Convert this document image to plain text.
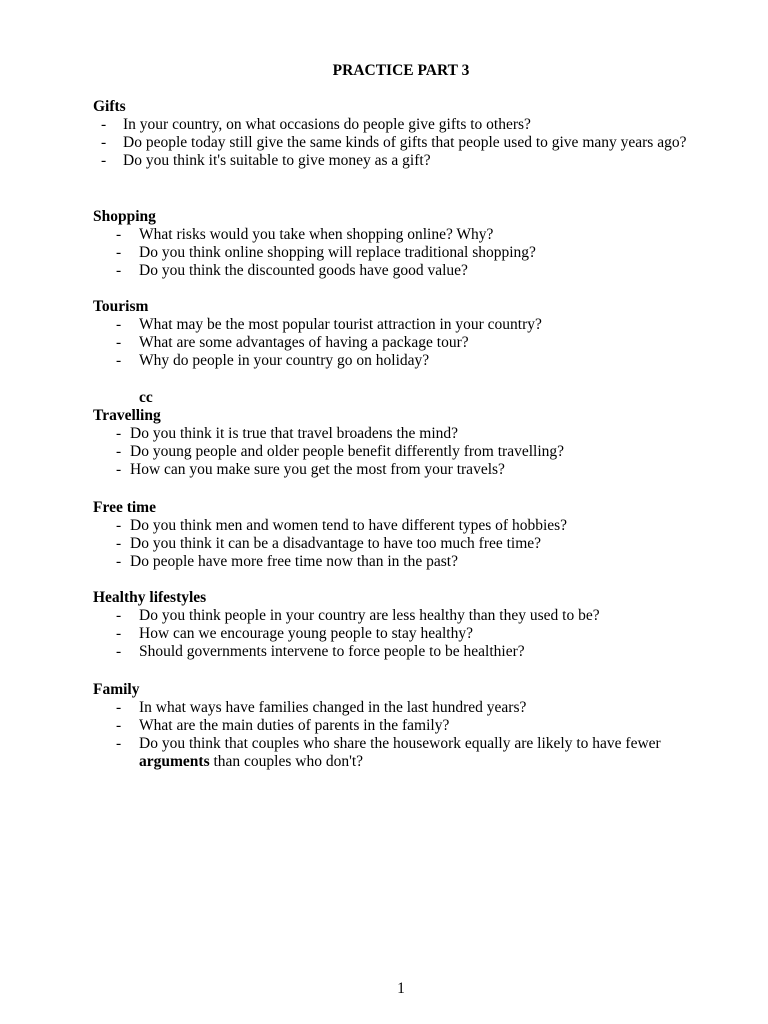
PRACTICE PART 3
Gifts
- In your country, on what occasions do people give gifts to others?
- Do people today still give the same kinds of gifts that people used to give many years ago?
- Do you think it's suitable to give money as a gift?
Shopping
- What risks would you take when shopping online? Why?
- Do you think online shopping will replace traditional shopping?
- Do you think the discounted goods have good value?
Tourism
- What may be the most popular tourist attraction in your country?
- What are some advantages of having a package tour?
- Why do people in your country go on holiday?
cc
Travelling
- Do you think it is true that travel broadens the mind?
- Do young people and older people benefit differently from travelling?
- How can you make sure you get the most from your travels?
Free time
- Do you think men and women tend to have different types of hobbies?
- Do you think it can be a disadvantage to have too much free time?
- Do people have more free time now than in the past?
Healthy lifestyles
- Do you think people in your country are less healthy than they used to be?
- How can we encourage young people to stay healthy?
- Should governments intervene to force people to be healthier?
Family
- In what ways have families changed in the last hundred years?
- What are the main duties of parents in the family?
- Do you think that couples who share the housework equally are likely to have fewer arguments than couples who don't?
1
